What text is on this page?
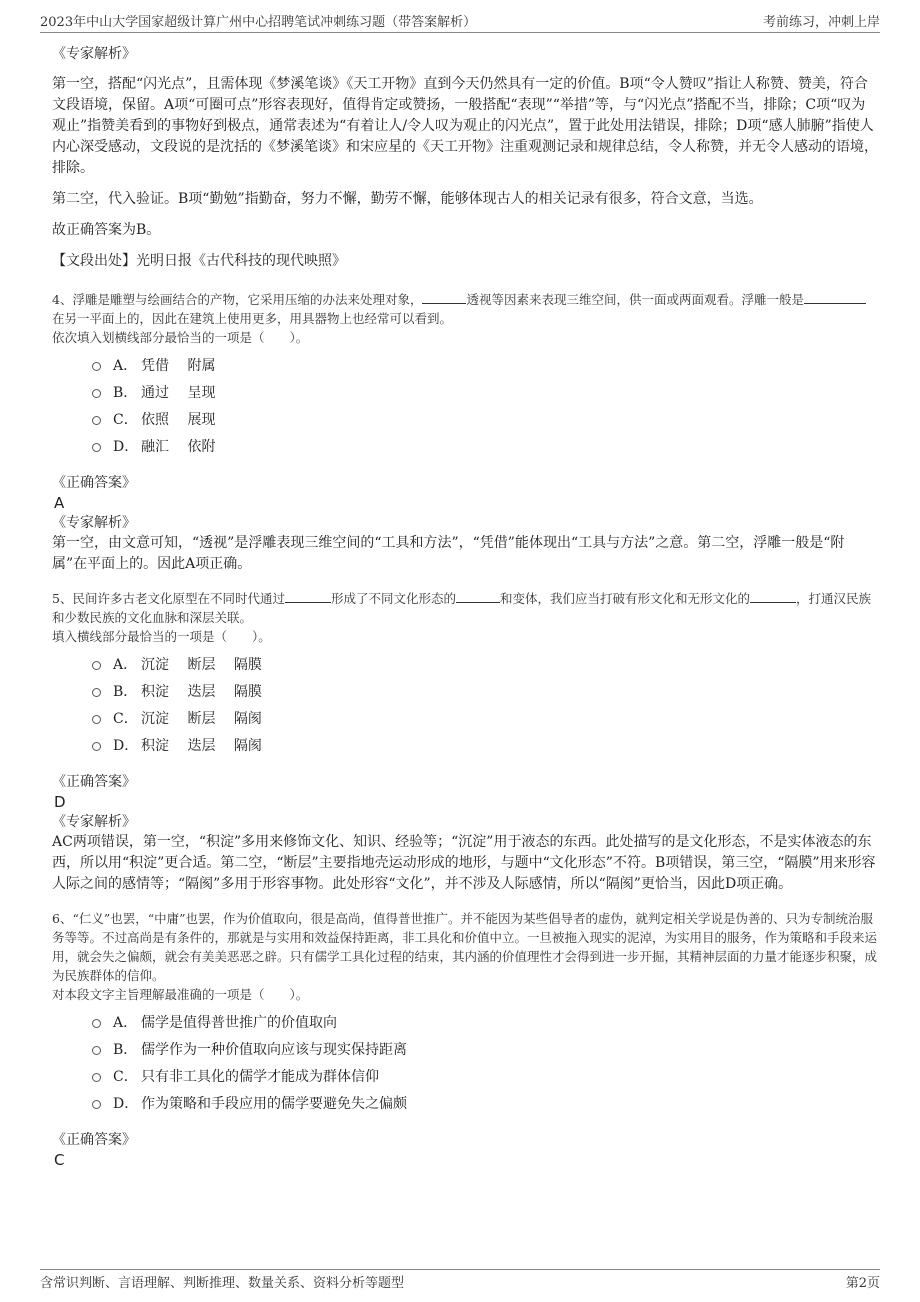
2023年中山大学国家超级计算广州中心招聘笔试冲刺练习题（带答案解析）	考前练习，冲刺上岸

《专家解析》

第一空，搭配“闪光点”，且需体现《梦溪笔谈》《天工开物》直到今天仍然具有一定的价值。B项“令人赞叹”指让人称赞、赞美，符合文段语境，保留。A项“可圈可点”形容表现好，值得肯定或赞扬，一般搭配“表现”“举措”等，与“闪光点”搭配不当，排除；C项“叹为观止”指赞美看到的事物好到极点，通常表述为“有着让人/令人叹为观止的闪光点”，置于此处用法错误，排除；D项“感人肺腑”指使人内心深受感动，文段说的是沈括的《梦溪笔谈》和宋应星的《天工开物》注重观测记录和规律总结，令人称赞，并无令人感动的语境，排除。

第二空，代入验证。B项“勤勉”指勤奋，努力不懈，勤劳不懈，能够体现古人的相关记录有很多，符合文意，当选。

故正确答案为B。

【文段出处】光明日报《古代科技的现代映照》

4、浮雕是雕塑与绘画结合的产物，它采用压缩的办法来处理对象，	透视等因素来表现三维空间，供一面或两面观看。浮雕一般是在另一平面上的，因此在建筑上使用更多，用具器物上也经常可以看到。

依次填入划横线部分最恰当的一项是（　　）。

A． 凭借　 附属
B． 通过　 呈现
C． 依照　 展现
D． 融汇　 依附

《正确答案》

A

《专家解析》

第一空，由文意可知，“透视”是浮雕表现三维空间的“工具和方法”，“凭借”能体现出“工具与方法”之意。第二空，浮雕一般是“附属”在平面上的。因此A项正确。

5、民间许多古老文化原型在不同时代通过	形成了不同文化形态的	和变体，我们应当打破有形文化和无形文化的	，打通汉民族和少数民族的文化血脉和深层关联。

填入横线部分最恰当的一项是（　　）。

A． 沉淀　 断层　 隔膜
B． 积淀　 迭层　 隔膜
C． 沉淀　 断层　 隔阂
D． 积淀　 迭层　 隔阂

《正确答案》

D

《专家解析》

AC两项错误，第一空，“积淀”多用来修饰文化、知识、经验等；“沉淀”用于液态的东西。此处描写的是文化形态，不是实体液态的东西，所以用“积淀”更合适。第二空，“断层”主要指地壳运动形成的地形，与题中“文化形态”不符。B项错误，第三空，“隔膜”用来形容人际之间的感情等；“隔阂”多用于形容事物。此处形容“文化”，并不涉及人际感情，所以“隔阂”更恰当，因此D项正确。

6、“仁义”也罢，“中庸”也罢，作为价值取向，很是高尚，值得普世推广。并不能因为某些倡导者的虚伪，就判定相关学说是伪善的、只为专制统治服务等等。不过高尚是有条件的，那就是与实用和效益保持距离，非工具化和价值中立。一旦被拖入现实的泥淖，为实用目的服务，作为策略和手段来运用，就会失之偏颇，就会有美美恶恶之辟。只有儒学工具化过程的结束，其内涵的价值理性才会得到进一步开掘，其精神层面的力量才能逐步积聚，成为民族群体的信仰。

对本段文字主旨理解最准确的一项是（　　）。

A． 儒学是值得普世推广的价值取向
B． 儒学作为一种价值取向应该与现实保持距离
C． 只有非工具化的儒学才能成为群体信仰
D． 作为策略和手段应用的儒学要避免失之偏颇

《正确答案》

C

含常识判断、言语理解、判断推理、数量关系、资料分析等题型	第2页
